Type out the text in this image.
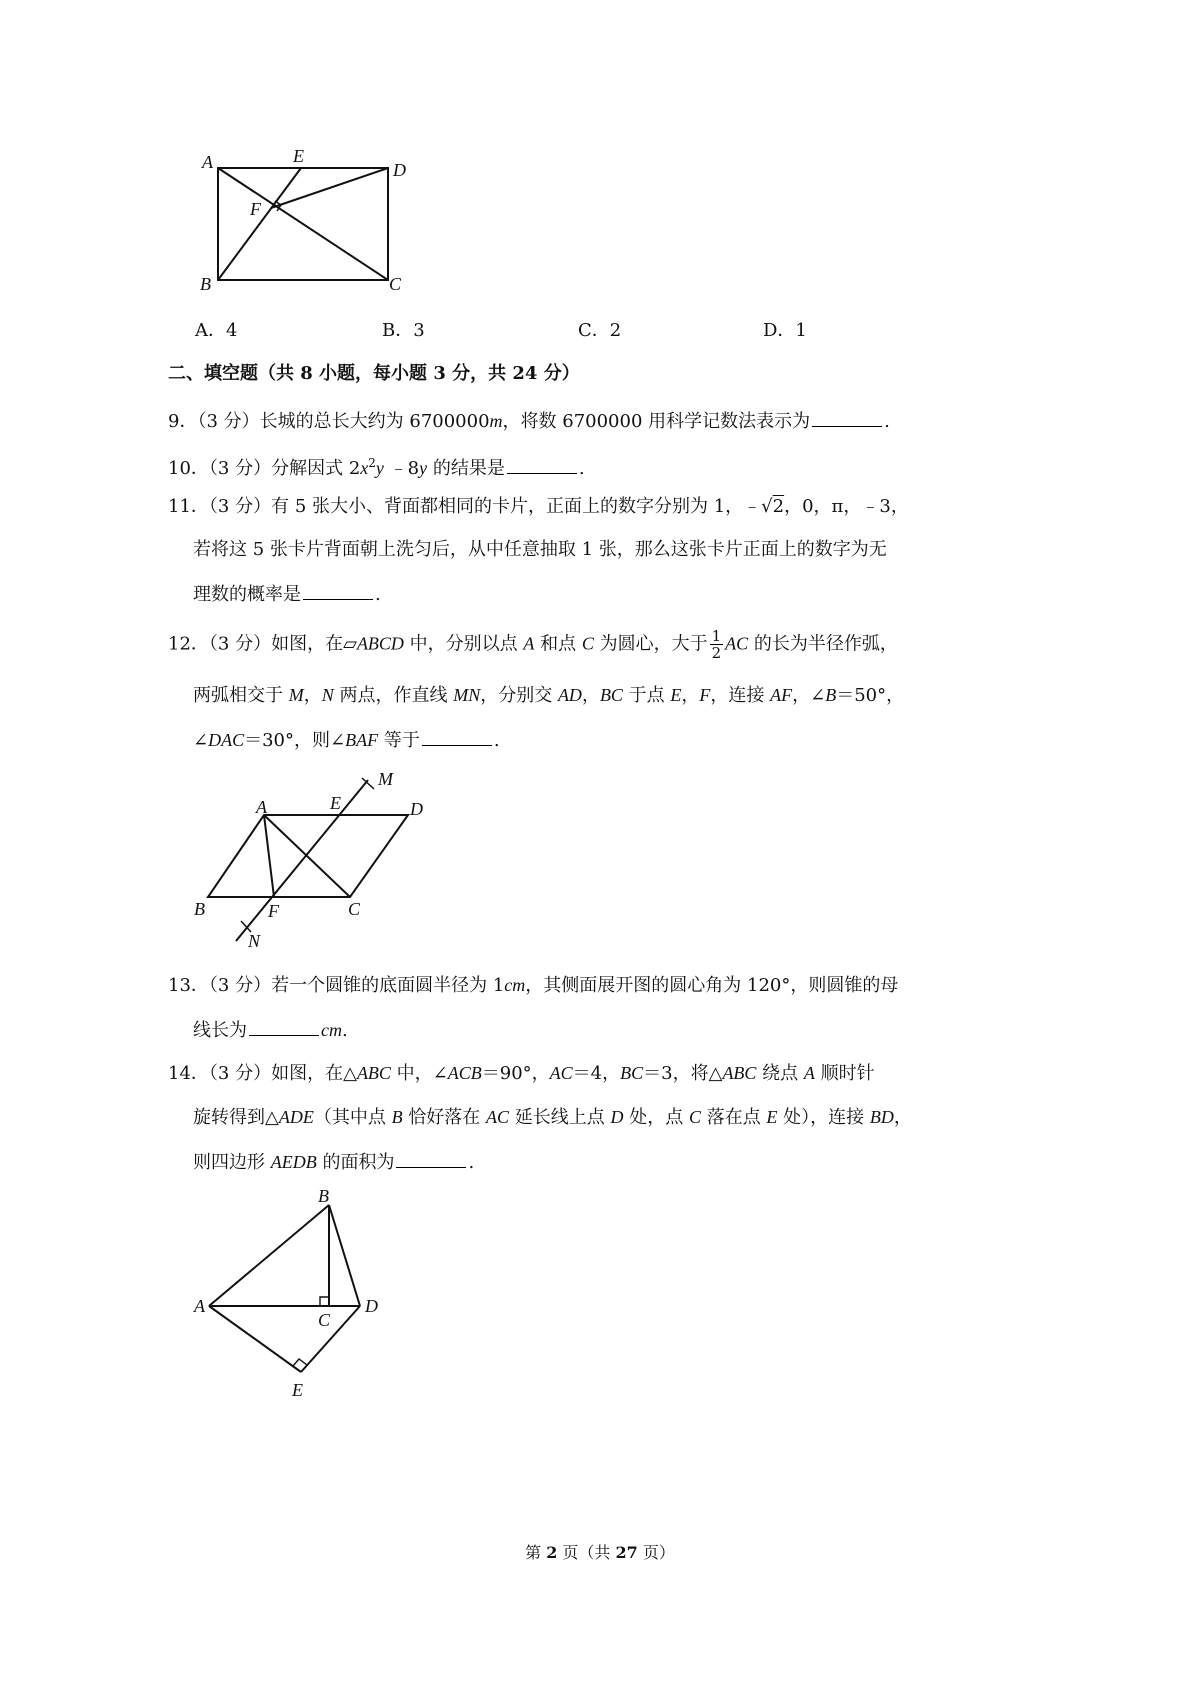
A	E
D
F
B	C
A．4	B．3	C．2	D．1
二、填空题（共 8 小题，每小题 3 分，共 24 分）
9．（3 分）长城的总长大约为 6700000m，将数 6700000 用科学记数法表示为	.
10．（3 分）分解因式 $2x^2y$ ﹣8y 的结果是	.
11．（3 分）有 5 张大小、背面都相同的卡片，正面上的数字分别为 1，﹣√2，0，π，﹣3，
若将这 5 张卡片背面朝上洗匀后，从中任意抽取 1 张，那么这张卡片正面上的数字为无
理数的概率是	.
12．（3 分）如图，在▱ABCD 中，分别以点 A 和点 C 为圆心，大于 $\frac{1}{2}$ AC 的长为半径作弧，
两弧相交于 M，N 两点，作直线 MN，分别交 AD，BC 于点 E，F，连接 AF，∠B＝50°，
∠DAC＝30°，则∠BAF 等于	.
A	E	D
M
B	F	C
N
13．（3 分）若一个圆锥的底面圆半径为 1cm，其侧面展开图的圆心角为 120°，则圆锥的母
线长为	cm.
14．（3 分）如图，在△ABC 中，∠ACB＝90°，AC＝4，BC＝3，将△ABC 绕点 A 顺时针
旋转得到△ADE（其中点 B 恰好落在 AC 延长线上点 D 处，点 C 落在点 E 处），连接 BD，
则四边形 AEDB 的面积为	.
B
A
C
D
E
第 2 页（共 27 页）
